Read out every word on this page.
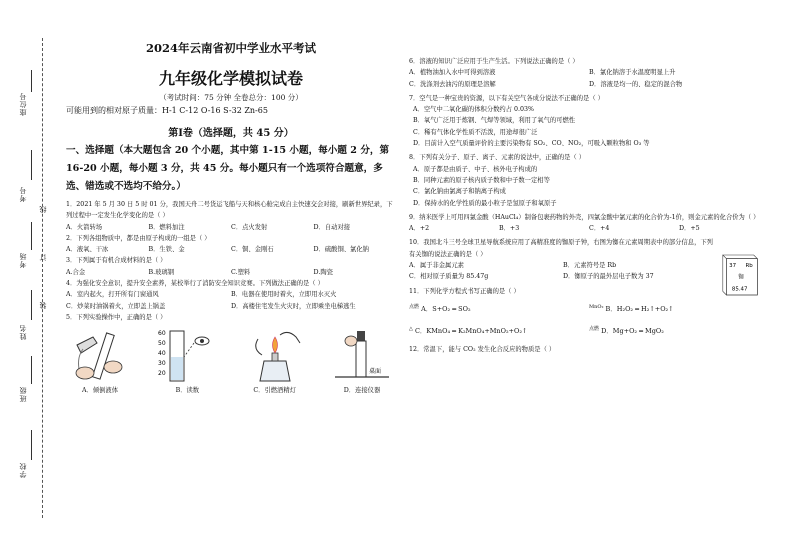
座位号
考号
考场
姓名
班级
学校
线
订
装

2024年云南省初中学业水平考试

九年级化学模拟试卷

（考试时间：75 分钟 全卷总分：100 分）
可能用到的相对原子质量：H-1 C-12 O-16 S-32 Zn-65
第Ⅰ卷（选择题，共 45 分）
一、选择题（本大题包含 20 个小题，其中第 1-15 小题，每小题 2 分，第 16-20 小题，每小题 3 分，共 45 分。每小题只有一个选项符合题意，多选、错选或不选均不给分。）

1．2021 年 5 月 30 日 5 时 01 分，我国天舟二号货运飞船与天和核心舱完成自主快速交会对接，刷新世界纪录，下列过程中一定发生化学变化的是（ ）

A．火箭转场	B．燃料加注	C．点火发射	D．自动对接

2．下列各组物质中，都是由原子构成的一组是（ ）

A．液氧、干冰	B．生铁、金	C．铜、金刚石	D．硫酸铜、氯化钠

3．下列属于有机合成材料的是（ ）

A.合金	B.玻璃钢	C.塑料	D.陶瓷

4．为强化安全意识，提升安全素养，某校举行了消防安全知识竞赛。下列做法正确的是（ ）

A．室内起火，打开所有门窗通风	B．电器在使用时着火，立即用水灭火
C．炒菜时油锅着火，立即盖上锅盖	D．高楼住宅发生火灾时，立即乘坐电梯逃生

5．下列实验操作中，正确的是（ ）

A．倾倒液体
60
50
40
30
20
B．读数	C．引燃酒精灯
桌面
D．连接仪器

6．溶液的知识广泛应用于生产生活。下列说法正确的是（ ）

A．植物油加入水中可得到溶液	B．氯化钠溶于水温度明显上升
C．洗涤剂去油污的原理是溶解	D．溶液是均一的、稳定的混合物

7．空气是一种宝贵的资源，以下有关空气各成分说法不正确的是（ ）

A．空气中二氧化碳的体积分数约占 0.03%
B．氧气广泛用于炼钢、气焊等领域，利用了氧气的可燃性
C．稀有气体化学性质不活泼，用途却很广泛
D．目前计入空气质量评价的主要污染物有 SO₂、CO、NO₂，可吸入颗粒物和 O₃ 等

8．下列有关分子、原子、离子、元素的说法中，正确的是（ ）

A．原子都是由质子、中子、核外电子构成的
B．同种元素的原子核内质子数和中子数一定相等
C．氯化钠由氯离子和钠离子构成
D．保持水的化学性质的最小粒子是氢原子和氧原子

9．纳米医学上可用四氯金酸（HAuCl₄）制备包裹药物的外壳，四氯金酸中氯元素的化合价为-1价，则金元素的化合价为（ ）

A．+2	B．+3	C．+4	D．+5

10．我国北斗三号全球卫星导航系统应用了高精准度的铷原子钟，右图为铷在元素周期表中的部分信息，下列有关铷的说法正确的是（ ）

A．属于非金属元素	B．元素符号是 Rb
C．相对原子质量为 85.47g	D．铷原子的最外层电子数为 37
37 Rb
铷
85.47

11．下列化学方程式书写正确的是（ ）

$^{点燃}$ A．S+O₂ ═ SO₂	$^{MnO_2}$ B．H₂O₂ ═ H₂↑+O₂↑
△ C．KMnO₄ ═ K₂MnO₄+MnO₂+O₂↑	$^{点燃}$ D．Mg+O₂ ═ MgO₂

12．常温下，能与 CO₂ 发生化合反应的物质是（ ）
